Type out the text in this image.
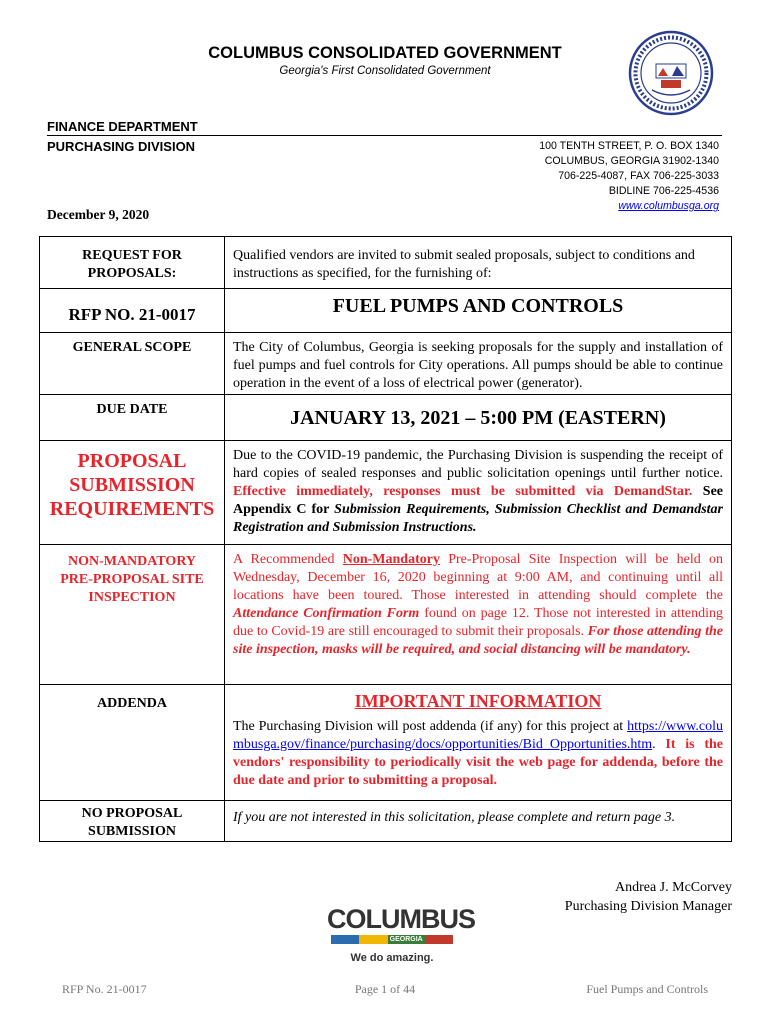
COLUMBUS CONSOLIDATED GOVERNMENT
Georgia's First Consolidated Government
FINANCE DEPARTMENT
PURCHASING DIVISION	100 TENTH STREET, P. O. BOX 1340
COLUMBUS, GEORGIA 31902-1340
706-225-4087, FAX 706-225-3033
BIDLINE 706-225-4536
www.columbusga.org
December 9, 2020
REQUEST FOR PROPOSALS:	Qualified vendors are invited to submit sealed proposals, subject to conditions and instructions as specified, for the furnishing of:

RFP NO. 21-0017	FUEL PUMPS AND CONTROLS

GENERAL SCOPE	The City of Columbus, Georgia is seeking proposals for the supply and installation of fuel pumps and fuel controls for City operations. All pumps should be able to continue operation in the event of a loss of electrical power (generator).

DUE DATE	JANUARY 13, 2021 – 5:00 PM (EASTERN)

PROPOSAL SUBMISSION REQUIREMENTS	Due to the COVID-19 pandemic, the Purchasing Division is suspending the receipt of hard copies of sealed responses and public solicitation openings until further notice. Effective immediately, responses must be submitted via DemandStar. See Appendix C for Submission Requirements, Submission Checklist and Demandstar Registration and Submission Instructions.

NON-MANDATORY PRE-PROPOSAL SITE INSPECTION	A Recommended Non-Mandatory Pre-Proposal Site Inspection will be held on Wednesday, December 16, 2020 beginning at 9:00 AM, and continuing until all locations have been toured. Those interested in attending should complete the Attendance Confirmation Form found on page 12. Those not interested in attending due to Covid-19 are still encouraged to submit their proposals. For those attending the site inspection, masks will be required, and social distancing will be mandatory.

ADDENDA	IMPORTANT INFORMATION
The Purchasing Division will post addenda (if any) for this project at https://www.columbusga.gov/finance/purchasing/docs/opportunities/Bid_Opportunities.htm. It is the vendors' responsibility to periodically visit the web page for addenda, before the due date and prior to submitting a proposal.

NO PROPOSAL SUBMISSION	If you are not interested in this solicitation, please complete and return page 3.
Andrea J. McCorvey
Purchasing Division Manager
COLUMBUS
GEORGIA
We do amazing.
RFP No. 21-0017	Page 1 of 44	Fuel Pumps and Controls
